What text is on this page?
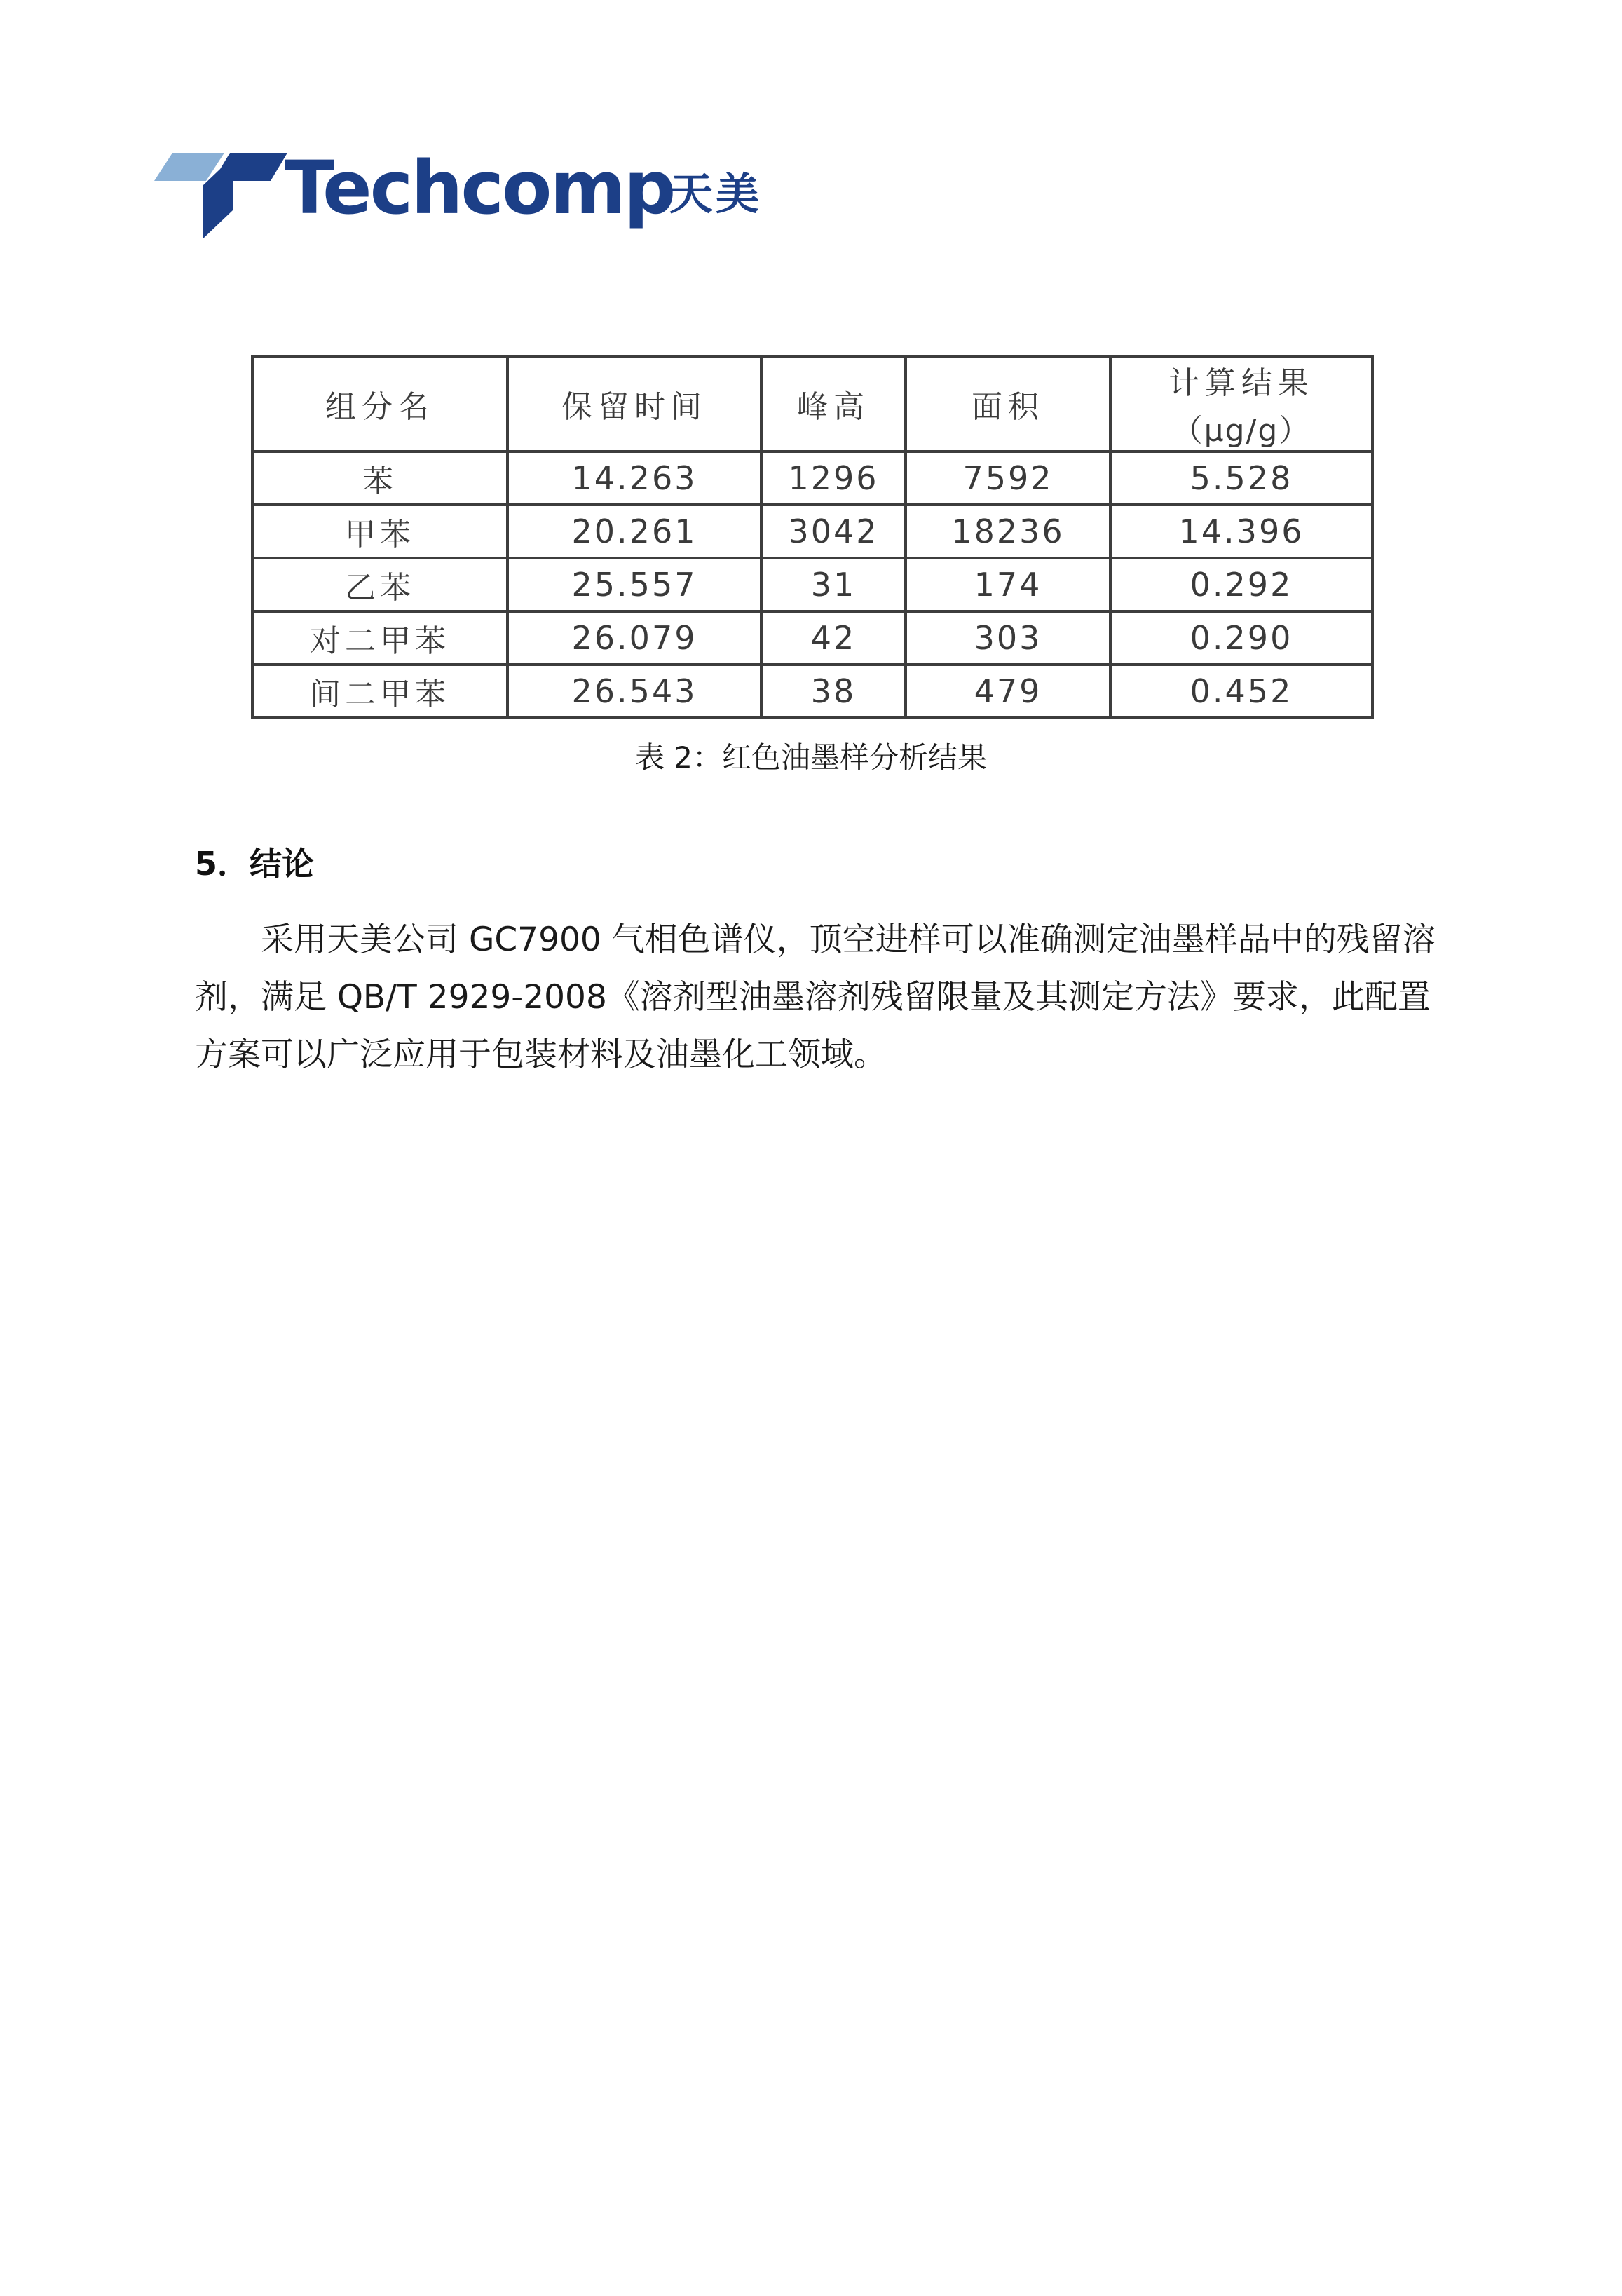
Techcomp
天美
组分名	保留时间	峰高	面积	计算结果
（μg/g）

苯	14.263	1296	7592	5.528
甲苯	20.261	3042	18236	14.396
乙苯	25.557	31	174	0.292
对二甲苯	26.079	42	303	0.290
间二甲苯	26.543	38	479	0.452
表 2：红色油墨样分析结果
5．结论
采用天美公司 GC7900 气相色谱仪，顶空进样可以准确测定油墨样品中的残留溶
剂，满足 QB/T 2929-2008《溶剂型油墨溶剂残留限量及其测定方法》要求，此配置
方案可以广泛应用于包装材料及油墨化工领域。
